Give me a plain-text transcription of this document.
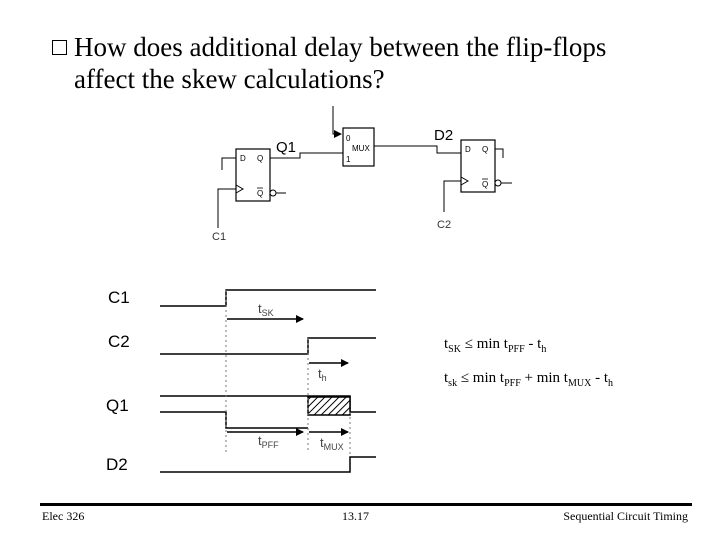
How does additional delay between the flip-flops
affect the skew calculations?
D Q
Q
C1
Q1
0
MUX
1
D2
D Q
Q
C2
C1
C2
Q1
D2
$t_{SK}$
$t_h$
$t_{PFF}$	$t_{MUX}$
$t_{SK} \le \min t_{PFF} - t_h$
$t_{sk} \le \min t_{PFF} + \min t_{MUX} - t_h$
Elec 326	13.17	Sequential Circuit Timing
